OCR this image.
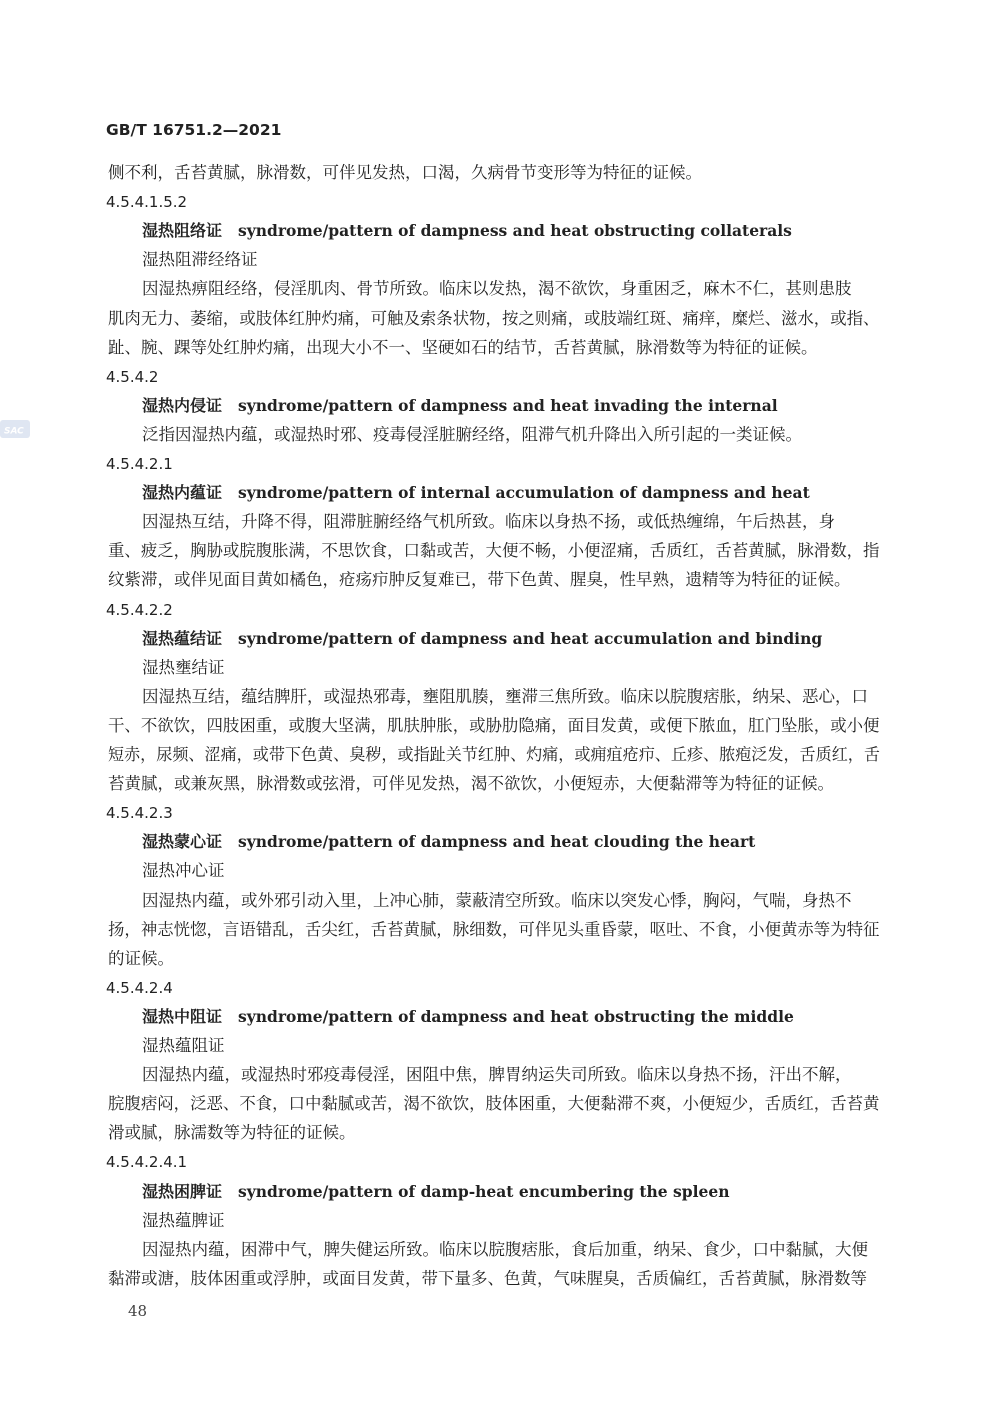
GB/T 16751.2—2021
SAC
侧不利，舌苔黄腻，脉滑数，可伴见发热，口渴，久病骨节变形等为特征的证候。
4.5.4.1.5.2
湿热阻络证 syndrome/pattern of dampness and heat obstructing collaterals
湿热阻滞经络证
因湿热痹阻经络，侵淫肌肉、骨节所致。临床以发热，渴不欲饮，身重困乏，麻木不仁，甚则患肢
肌肉无力、萎缩，或肢体红肿灼痛，可触及索条状物，按之则痛，或肢端红斑、痛痒，糜烂、滋水，或指、
趾、腕、踝等处红肿灼痛，出现大小不一、坚硬如石的结节，舌苔黄腻，脉滑数等为特征的证候。
4.5.4.2
湿热内侵证 syndrome/pattern of dampness and heat invading the internal
泛指因湿热内蕴，或湿热时邪、疫毒侵淫脏腑经络，阻滞气机升降出入所引起的一类证候。
4.5.4.2.1
湿热内蕴证 syndrome/pattern of internal accumulation of dampness and heat
因湿热互结，升降不得，阻滞脏腑经络气机所致。临床以身热不扬，或低热缠绵，午后热甚，身
重、疲乏，胸胁或脘腹胀满，不思饮食，口黏或苦，大便不畅，小便涩痛，舌质红，舌苔黄腻，脉滑数，指
纹紫滞，或伴见面目黄如橘色，疮疡疖肿反复难已，带下色黄、腥臭，性早熟，遗精等为特征的证候。
4.5.4.2.2
湿热蕴结证 syndrome/pattern of dampness and heat accumulation and binding
湿热壅结证
因湿热互结，蕴结脾肝，或湿热邪毒，壅阻肌腠，壅滞三焦所致。临床以脘腹痞胀，纳呆、恶心，口
干、不欲饮，四肢困重，或腹大坚满，肌肤肿胀，或胁肋隐痛，面目发黄，或便下脓血，肛门坠胀，或小便
短赤，尿频、涩痛，或带下色黄、臭秽，或指趾关节红肿、灼痛，或痈疽疮疖、丘疹、脓疱泛发，舌质红，舌
苔黄腻，或兼灰黑，脉滑数或弦滑，可伴见发热，渴不欲饮，小便短赤，大便黏滞等为特征的证候。
4.5.4.2.3
湿热蒙心证 syndrome/pattern of dampness and heat clouding the heart
湿热冲心证
因湿热内蕴，或外邪引动入里，上冲心肺，蒙蔽清空所致。临床以突发心悸，胸闷，气喘，身热不
扬，神志恍惚，言语错乱，舌尖红，舌苔黄腻，脉细数，可伴见头重昏蒙，呕吐、不食，小便黄赤等为特征
的证候。
4.5.4.2.4
湿热中阻证 syndrome/pattern of dampness and heat obstructing the middle
湿热蕴阻证
因湿热内蕴，或湿热时邪疫毒侵淫，困阻中焦，脾胃纳运失司所致。临床以身热不扬，汗出不解，
脘腹痞闷，泛恶、不食，口中黏腻或苦，渴不欲饮，肢体困重，大便黏滞不爽，小便短少，舌质红，舌苔黄
滑或腻，脉濡数等为特征的证候。
4.5.4.2.4.1
湿热困脾证 syndrome/pattern of damp-heat encumbering the spleen
湿热蕴脾证
因湿热内蕴，困滞中气，脾失健运所致。临床以脘腹痞胀，食后加重，纳呆、食少，口中黏腻，大便
黏滞或溏，肢体困重或浮肿，或面目发黄，带下量多、色黄，气味腥臭，舌质偏红，舌苔黄腻，脉滑数等
48
